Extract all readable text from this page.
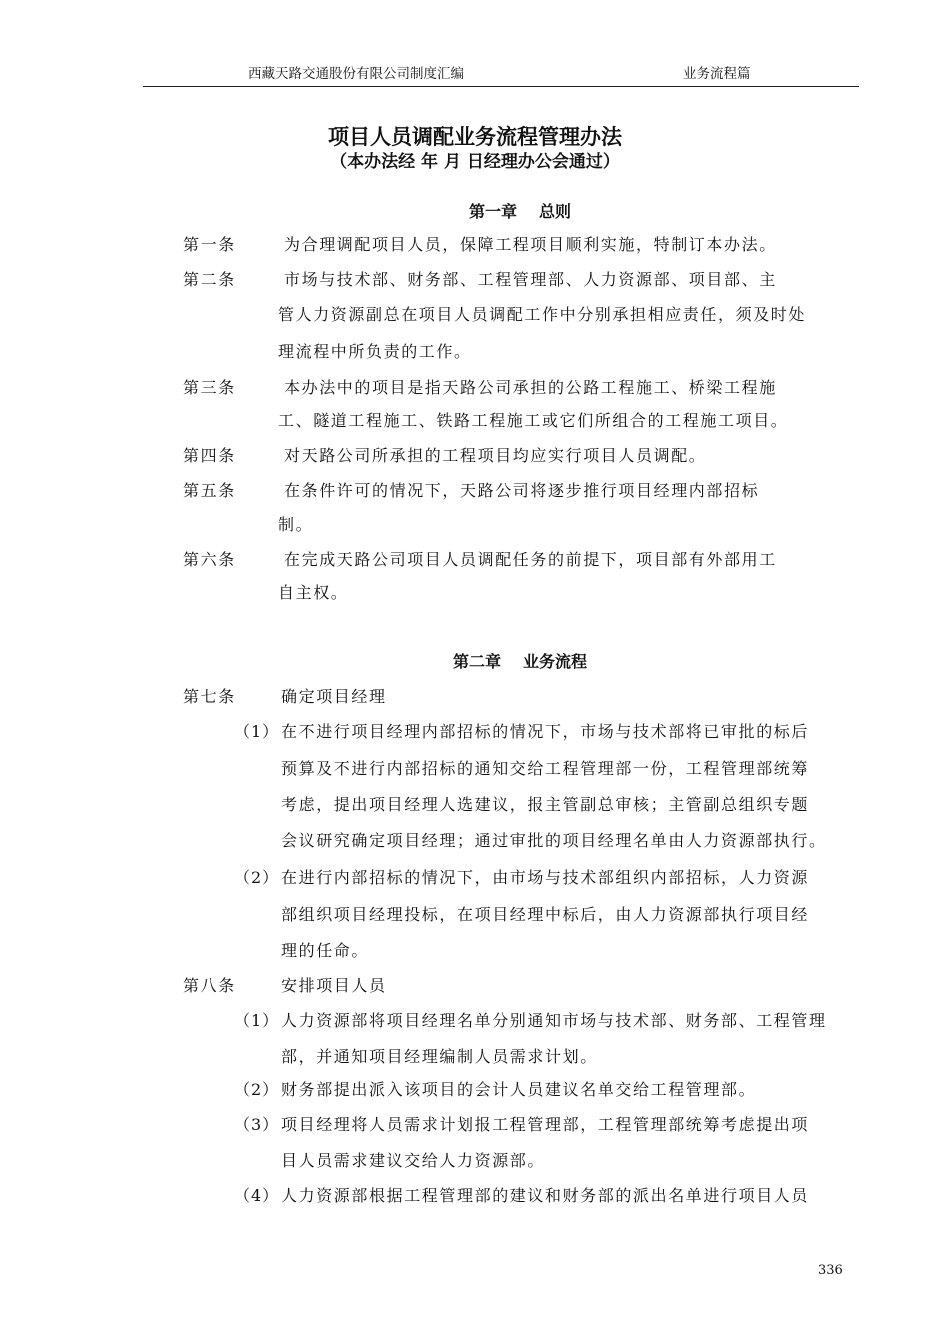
西藏天路交通股份有限公司制度汇编	业务流程篇
项目人员调配业务流程管理办法
（本办法经 年 月 日经理办公会通过）
第一章 总则
第一条	为合理调配项目人员，保障工程项目顺利实施，特制订本办法。
第二条	市场与技术部、财务部、工程管理部、人力资源部、项目部、主
管人力资源副总在项目人员调配工作中分别承担相应责任，须及时处
理流程中所负责的工作。
第三条	本办法中的项目是指天路公司承担的公路工程施工、桥梁工程施
工、隧道工程施工、铁路工程施工或它们所组合的工程施工项目。
第四条	对天路公司所承担的工程项目均应实行项目人员调配。
第五条	在条件许可的情况下，天路公司将逐步推行项目经理内部招标
制。
第六条	在完成天路公司项目人员调配任务的前提下，项目部有外部用工
自主权。
第二章 业务流程
第七条	确定项目经理
（1） 在不进行项目经理内部招标的情况下，市场与技术部将已审批的标后
预算及不进行内部招标的通知交给工程管理部一份，工程管理部统筹
考虑，提出项目经理人选建议，报主管副总审核；主管副总组织专题
会议研究确定项目经理；通过审批的项目经理名单由人力资源部执行。
（2） 在进行内部招标的情况下，由市场与技术部组织内部招标，人力资源
部组织项目经理投标，在项目经理中标后，由人力资源部执行项目经
理的任命。
第八条	安排项目人员
（1） 人力资源部将项目经理名单分别通知市场与技术部、财务部、工程管理
部，并通知项目经理编制人员需求计划。
（2） 财务部提出派入该项目的会计人员建议名单交给工程管理部。
（3） 项目经理将人员需求计划报工程管理部，工程管理部统筹考虑提出项
目人员需求建议交给人力资源部。
（4） 人力资源部根据工程管理部的建议和财务部的派出名单进行项目人员
336
